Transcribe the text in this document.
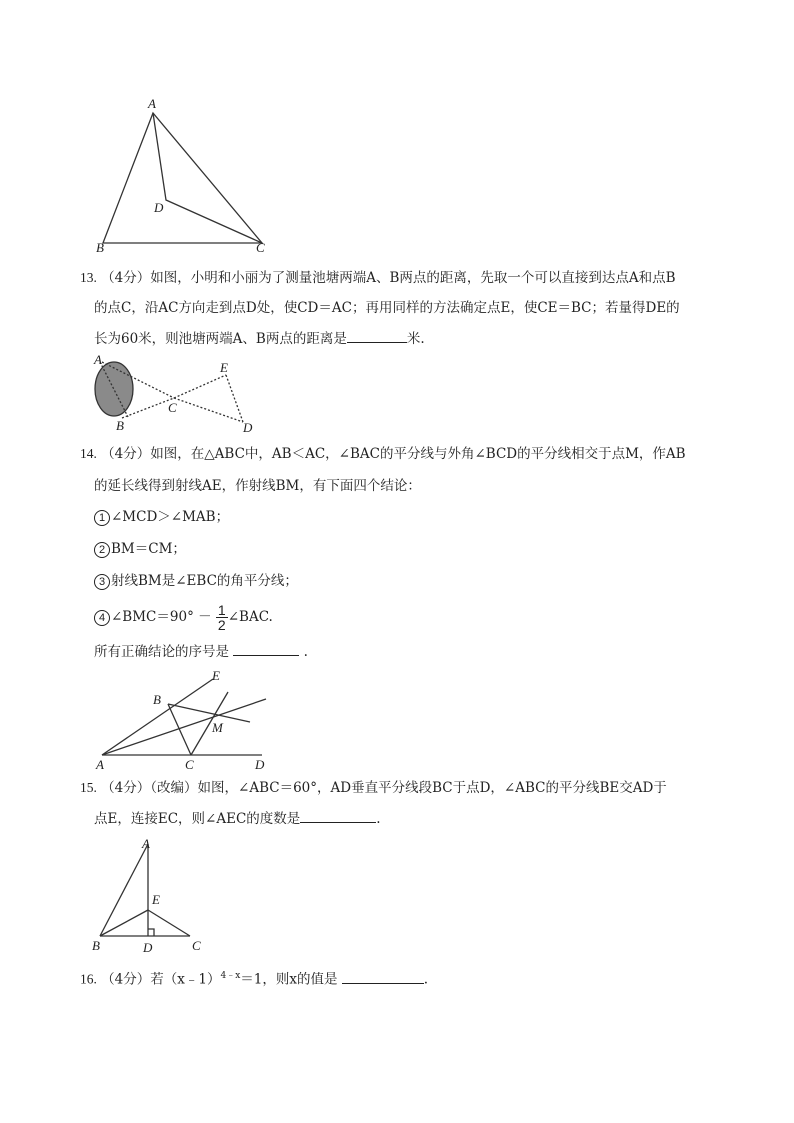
A
D
B	C
13. （4分）如图，小明和小丽为了测量池塘两端A、B两点的距离，先取一个可以直接到达点A和点B
的点C，沿AC方向走到点D处，使CD＝AC；再用同样的方法确定点E，使CE＝BC；若量得DE的
长为60米，则池塘两端A、B两点的距离是	米.
A
B
C
E
D
14. （4分）如图，在△ABC中，AB＜AC，∠BAC的平分线与外角∠BCD的平分线相交于点M，作AB
的延长线得到射线AE，作射线BM，有下面四个结论：
1 ∠MCD＞∠MAB；
2 BM＝CM；
3 射线BM是∠EBC的角平分线；
4 ∠BMC＝90° － $\frac{1}{2}$ ∠BAC.
所有正确结论的序号是	.
E
B
M
A	C	D
15. （4分）（改编）如图，∠ABC＝60°，AD垂直平分线段BC于点D，∠ABC的平分线BE交AD于
点E，连接EC，则∠AEC的度数是	.
A
E
B	D	C
16. （4分）若（x﹣1）$^{4﹣x}$＝1，则x的值是	.
